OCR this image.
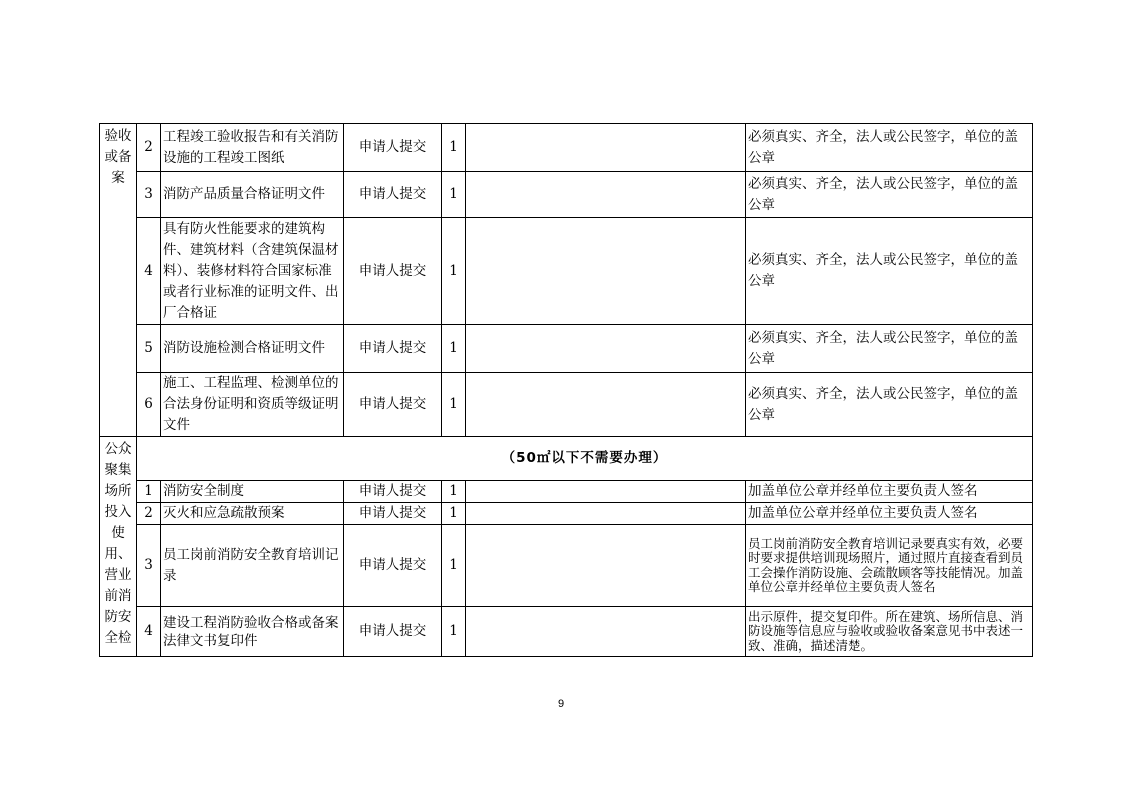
验收或备案	2	工程竣工验收报告和有关消防设施的工程竣工图纸	申请人提交	1		必须真实、齐全，法人或公民签字，单位的盖公章
	3	消防产品质量合格证明文件	申请人提交	1		必须真实、齐全，法人或公民签字，单位的盖公章
	4	具有防火性能要求的建筑构件、建筑材料（含建筑保温材料）、装修材料符合国家标准或者行业标准的证明文件、出厂合格证	申请人提交	1		必须真实、齐全，法人或公民签字，单位的盖公章
	5	消防设施检测合格证明文件	申请人提交	1		必须真实、齐全，法人或公民签字，单位的盖公章
	6	施工、工程监理、检测单位的合法身份证明和资质等级证明文件	申请人提交	1		必须真实、齐全，法人或公民签字，单位的盖公章
公众聚集场所投入使用、营业前消防安全检	（50㎡以下不需要办理）					
	1	消防安全制度	申请人提交	1		加盖单位公章并经单位主要负责人签名
	2	灭火和应急疏散预案	申请人提交	1		加盖单位公章并经单位主要负责人签名
	3	员工岗前消防安全教育培训记录	申请人提交	1		员工岗前消防安全教育培训记录要真实有效，必要时要求提供培训现场照片，通过照片直接查看到员工会操作消防设施、会疏散顾客等技能情况。加盖单位公章并经单位主要负责人签名
	4	建设工程消防验收合格或备案法律文书复印件	申请人提交	1		出示原件，提交复印件。所在建筑、场所信息、消防设施等信息应与验收或验收备案意见书中表述一致、准确，描述清楚。
9
